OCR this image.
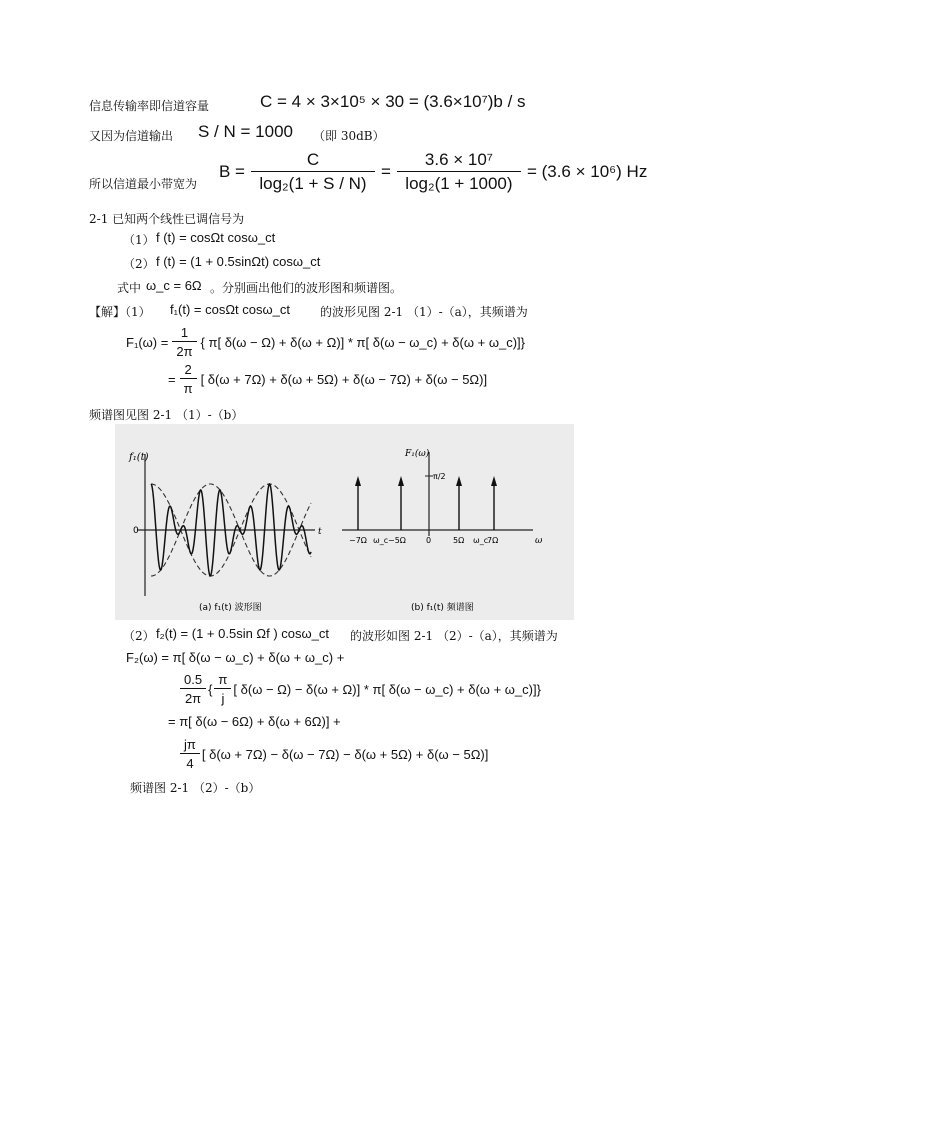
信息传输率即信道容量	C = 4 × 3×10⁵ × 30 = (3.6×10⁷)b / s
又因为信道输出 S / N = 1000 （即 30dB）
所以信道最小带宽为
$B = \frac{C}{\text{log₂(1 + S / N)}} = \frac{\text{3.6 × 10⁷}}{\text{log₂(1 + 1000)}} = (3.6 \times 10^6)$ Hz
2-1 已知两个线性已调信号为
（1） f (t) = cosΩt cosω_ct
（2） f (t) = (1 + 0.5sinΩt) cosω_ct
式中 ω_c = 6Ω 。分别画出他们的波形图和频谱图。
【解】（1） f₁(t) = cosΩt cosω_ct	的波形见图 2-1 （1）-（a），其频谱为
$F_1(\omega) = \frac{1}{2\pi}$ { π[ δ(ω − Ω) + δ(ω + Ω)] * π[ δ(ω − ω_c) + δ(ω + ω_c)]}
= $\frac{2}{\pi}$ [ δ(ω + 7Ω) + δ(ω + 5Ω) + δ(ω − 7Ω) + δ(ω − 5Ω)]
频谱图见图 2-1 （1）-（b）
f₁(t)
0	t
(a) f₁(t) 波形图
F₁(ω)
π/2
−7Ω ω_c −5Ω	0	5Ω ω_c
7Ω	ω
(b) f₁(t) 频谱图
（2） f₂(t) = (1 + 0.5sin Ωf ) cosω_ct 的波形如图 2-1 （2）-（a），其频谱为
F₂(ω) = π[ δ(ω − ω_c) + δ(ω + ω_c) +
$\frac{0.5}{2\pi}$ { $\frac{\pi}{j}$ [ δ(ω − Ω) − δ(ω + Ω)] * π[ δ(ω − ω_c) + δ(ω + ω_c)]}
= π[ δ(ω − 6Ω) + δ(ω + 6Ω)] +
$\frac{j\pi}{4}$ [ δ(ω + 7Ω) − δ(ω − 7Ω) − δ(ω + 5Ω) + δ(ω − 5Ω)]
频谱图 2-1 （2）-（b）
